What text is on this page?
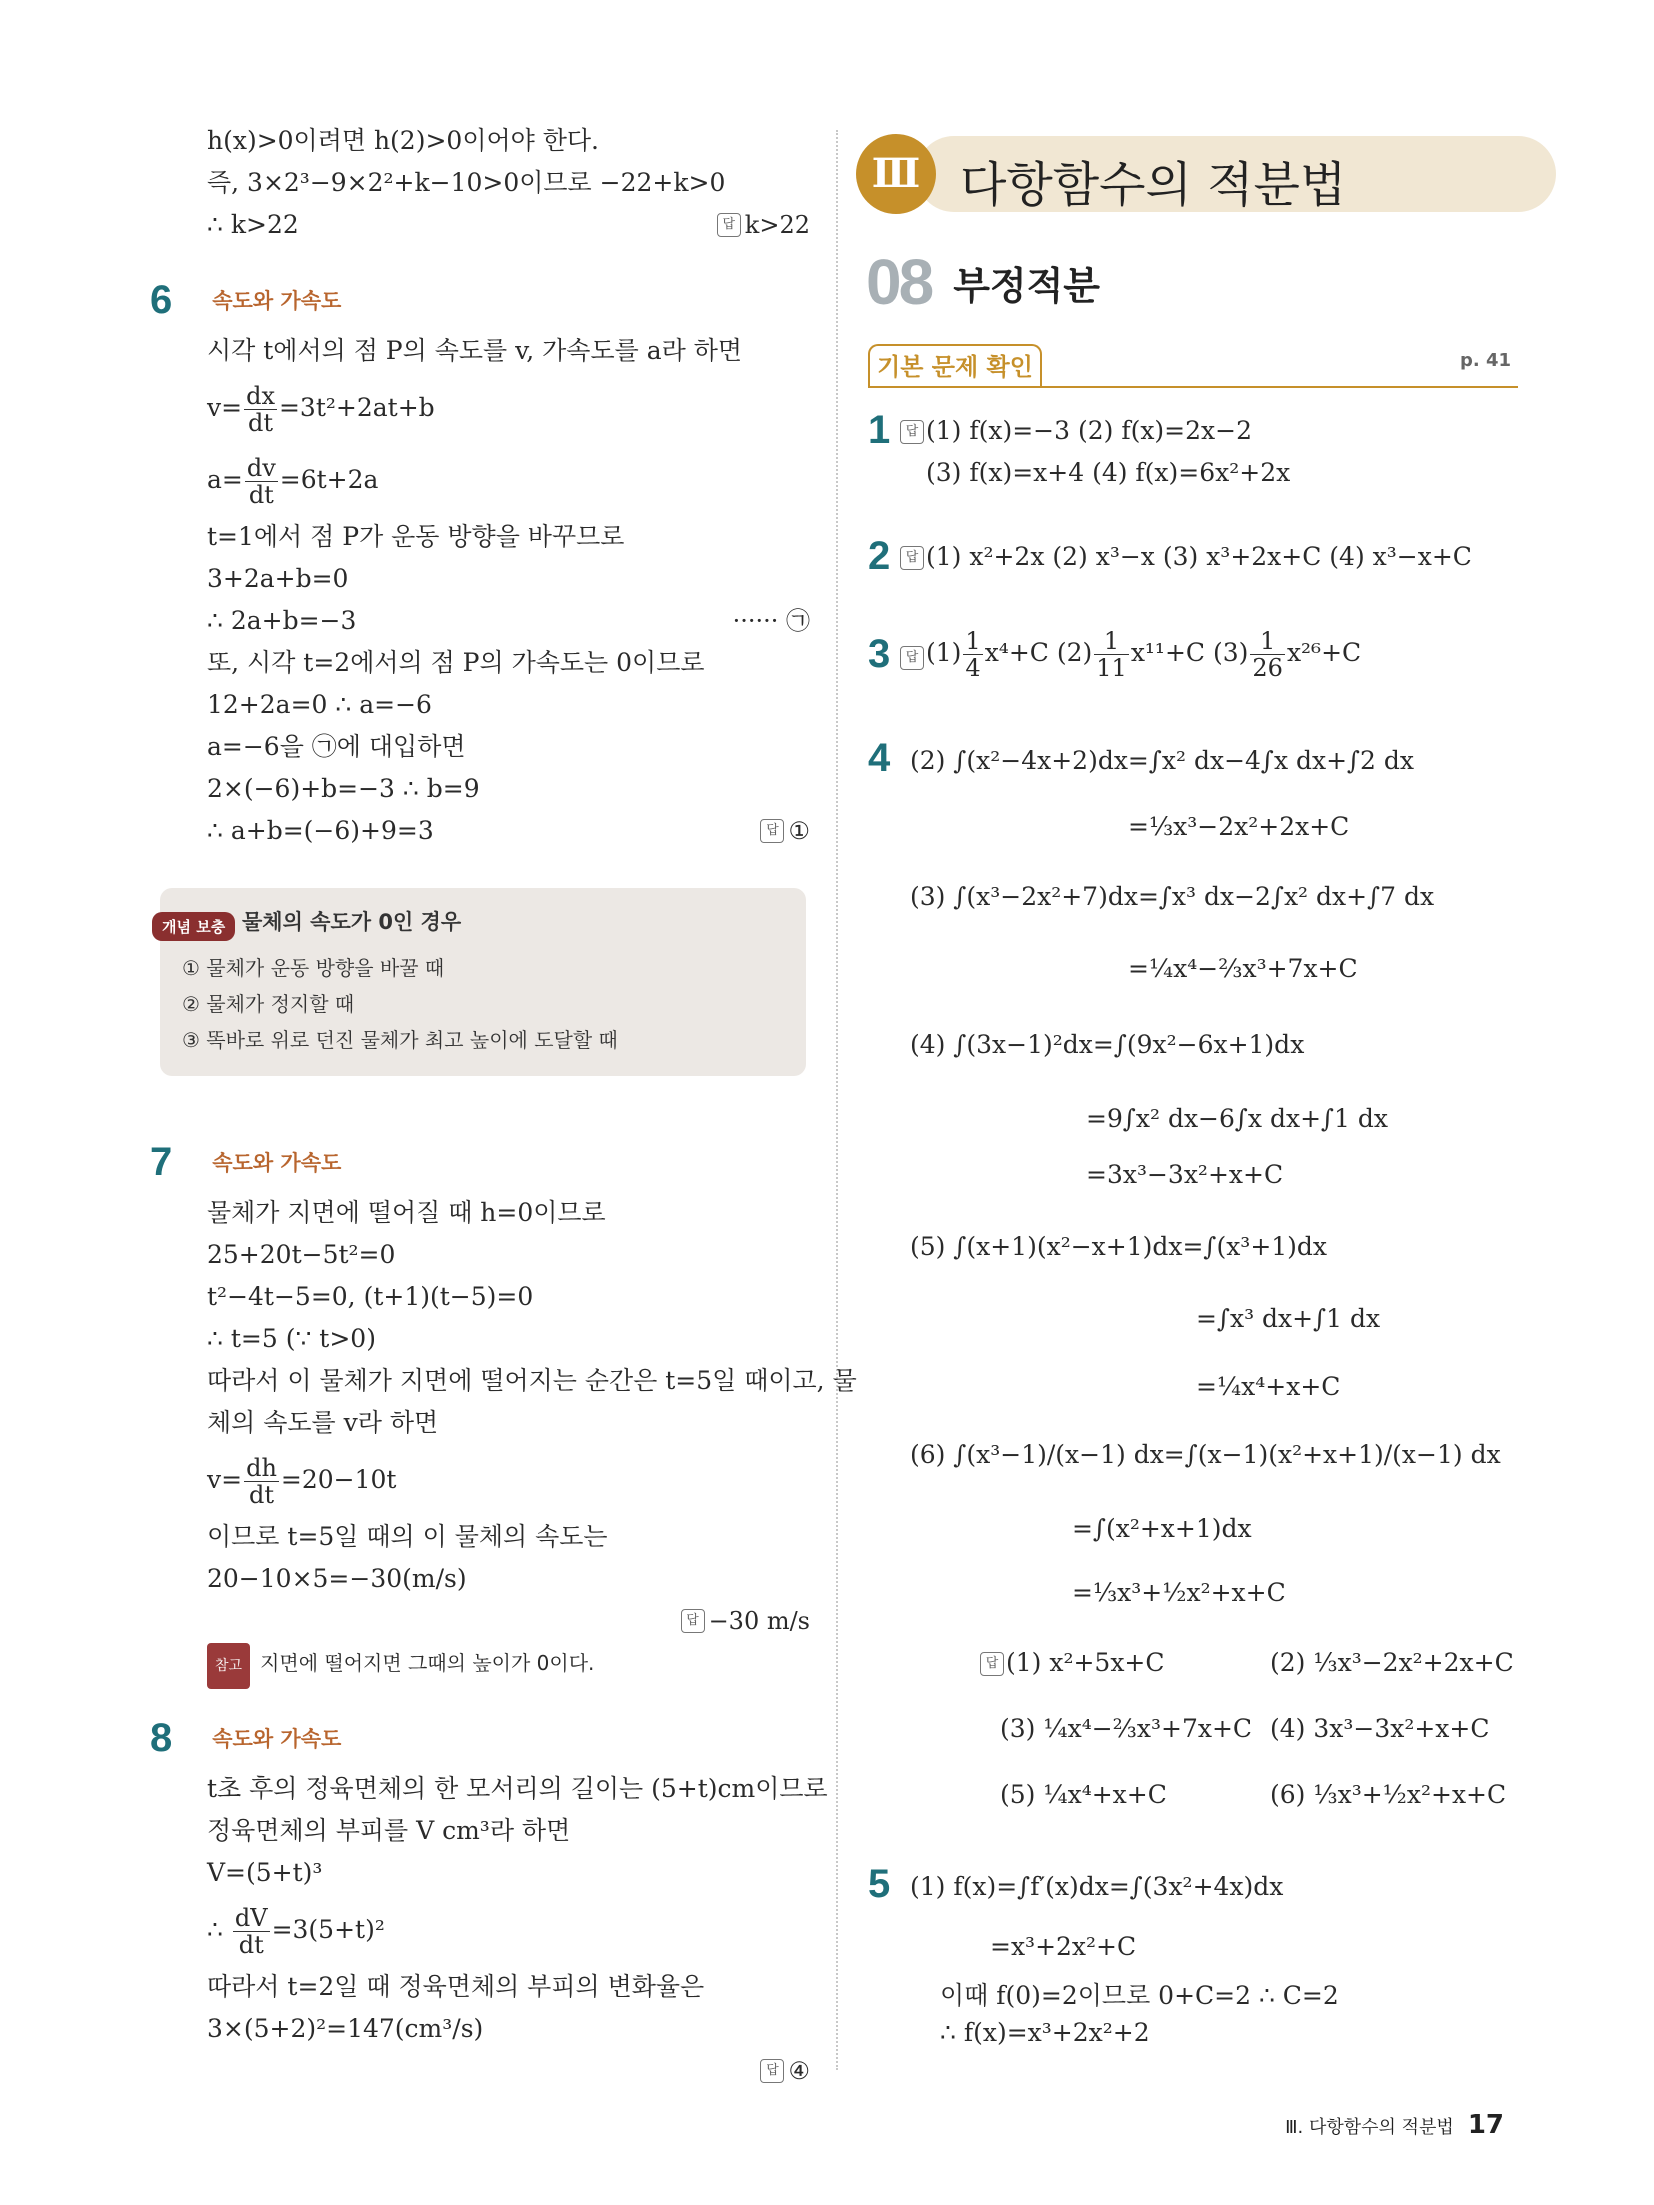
h(x)>0이려면 h(2)>0이어야 한다.
즉, 3×2³−9×2²+k−10>0이므로 −22+k>0
∴ k>22	답 k>22
6 속도와 가속도
시각 t에서의 점 P의 속도를 v, 가속도를 a라 하면
$v= \frac{dx}{dt} =3t^2+2at+b$
$a= \frac{dv}{dt} =6t+2a$
t=1에서 점 P가 운동 방향을 바꾸므로
3+2a+b=0
∴ 2a+b=−3	······ ㉠
또, 시각 t=2에서의 점 P의 가속도는 0이므로
12+2a=0 ∴ a=−6
a=−6을 ㉠에 대입하면
2×(−6)+b=−3 ∴ b=9
∴ a+b=(−6)+9=3	답 ①
개념 보충 물체의 속도가 0인 경우
① 물체가 운동 방향을 바꿀 때
② 물체가 정지할 때
③ 똑바로 위로 던진 물체가 최고 높이에 도달할 때
7 속도와 가속도
물체가 지면에 떨어질 때 h=0이므로
25+20t−5t²=0
t²−4t−5=0, (t+1)(t−5)=0
∴ t=5 (∵ t>0)
따라서 이 물체가 지면에 떨어지는 순간은 t=5일 때이고, 물
체의 속도를 v라 하면
$v= \frac{dh}{dt} =20-10t$
이므로 t=5일 때의 이 물체의 속도는
20−10×5=−30(m/s)
답 −30 m/s
참고 지면에 떨어지면 그때의 높이가 0이다.
8 속도와 가속도
t초 후의 정육면체의 한 모서리의 길이는 (5+t)cm이므로
정육면체의 부피를 V cm³라 하면
V=(5+t)³
∴ $\frac{dV}{dt} =3(5+t)^2$
따라서 t=2일 때 정육면체의 부피의 변화율은
3×(5+2)²=147(cm³/s)
답 ④
Ⅲ 다항함수의 적분법
08 부정적분
기본 문제 확인	p. 41
1	답 (1) f(x)=−3 (2) f(x)=2x−2
(3) f(x)=x+4 (4) f(x)=6x²+2x
2	답 (1) x²+2x (2) x³−x (3) x³+2x+C (4) x³−x+C
3	답 $(1) \frac{1}{4} x^4+C$ $(2) \frac{1}{11} x^{11}+C$ $(3) \frac{1}{26} x^{26}+C$
4 (2) ∫(x²−4x+2)dx=∫x² dx−4∫x dx+∫2 dx
=⅓x³−2x²+2x+C
(3) ∫(x³−2x²+7)dx=∫x³ dx−2∫x² dx+∫7 dx
=¼x⁴−⅔x³+7x+C
(4) ∫(3x−1)²dx=∫(9x²−6x+1)dx
=9∫x² dx−6∫x dx+∫1 dx
=3x³−3x²+x+C
(5) ∫(x+1)(x²−x+1)dx=∫(x³+1)dx
=∫x³ dx+∫1 dx
=¼x⁴+x+C
(6) ∫(x³−1)/(x−1) dx=∫(x−1)(x²+x+1)/(x−1) dx
=∫(x²+x+1)dx
=⅓x³+½x²+x+C
답 (1) x²+5x+C	(2) ⅓x³−2x²+2x+C
(3) ¼x⁴−⅔x³+7x+C (4) 3x³−3x²+x+C
(5) ¼x⁴+x+C	(6) ⅓x³+½x²+x+C
5 (1) f(x)=∫f′(x)dx=∫(3x²+4x)dx
=x³+2x²+C
이때 f(0)=2이므로 0+C=2 ∴ C=2
∴ f(x)=x³+2x²+2
Ⅲ. 다항함수의 적분법 17
